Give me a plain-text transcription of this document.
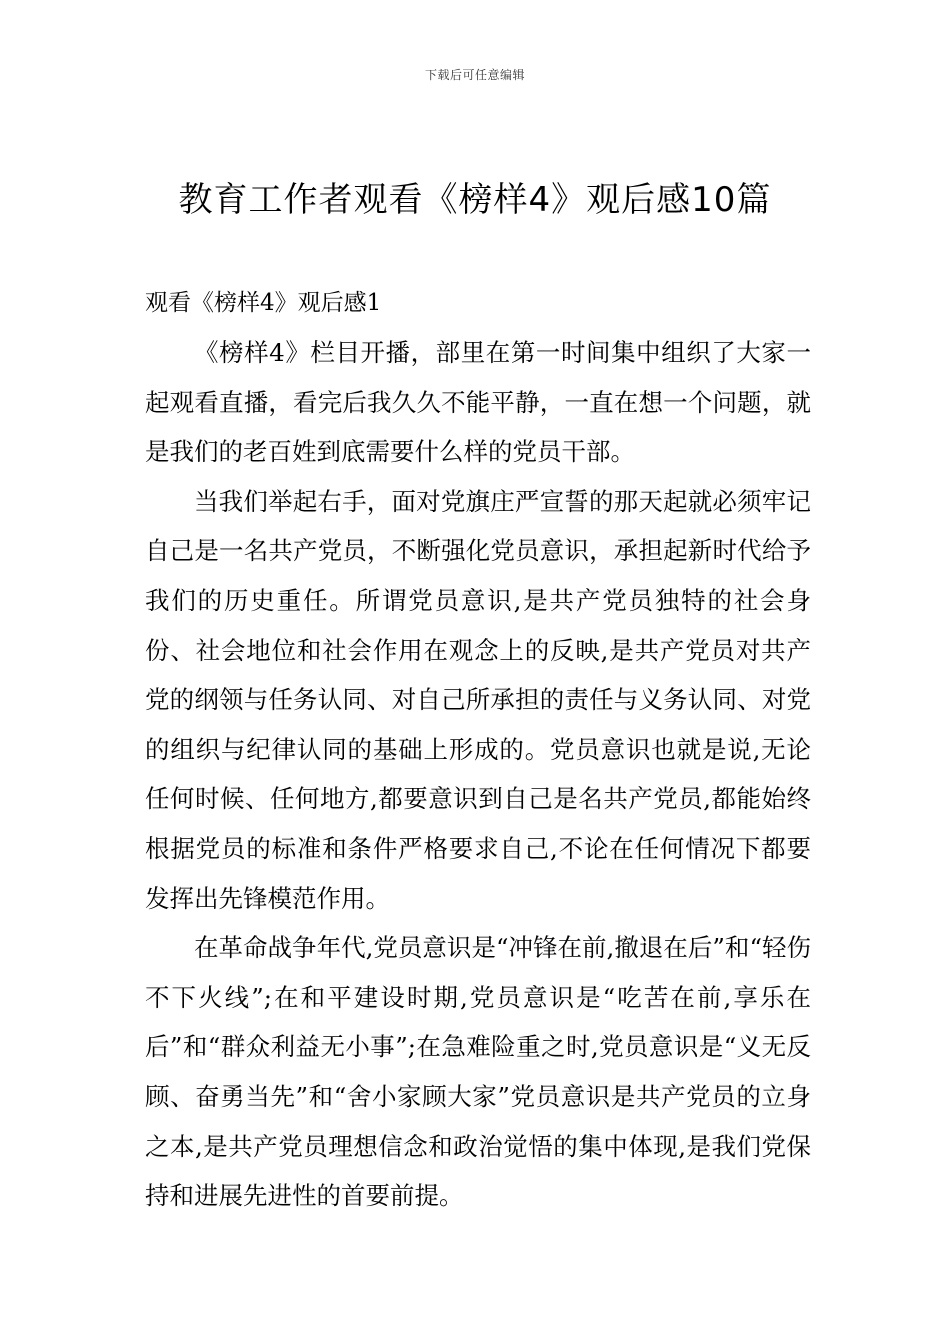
下载后可任意编辑
教育工作者观看《榜样4》观后感10篇
观看《榜样4》观后感1

《榜样4》栏目开播，部里在第一时间集中组织了大家一起观看直播，看完后我久久不能平静，一直在想一个问题，就是我们的老百姓到底需要什么样的党员干部。

当我们举起右手，面对党旗庄严宣誓的那天起就必须牢记自己是一名共产党员，不断强化党员意识，承担起新时代给予我们的历史重任。所谓党员意识,是共产党员独特的社会身份、社会地位和社会作用在观念上的反映,是共产党员对共产党的纲领与任务认同、对自己所承担的责任与义务认同、对党的组织与纪律认同的基础上形成的。党员意识也就是说,无论任何时候、任何地方,都要意识到自己是名共产党员,都能始终根据党员的标准和条件严格要求自己,不论在任何情况下都要发挥出先锋模范作用。

在革命战争年代,党员意识是“冲锋在前,撤退在后”和“轻伤不下火线”;在和平建设时期,党员意识是“吃苦在前,享乐在后”和“群众利益无小事”;在急难险重之时,党员意识是“义无反顾、奋勇当先”和“舍小家顾大家”党员意识是共产党员的立身之本,是共产党员理想信念和政治觉悟的集中体现,是我们党保持和进展先进性的首要前提。
